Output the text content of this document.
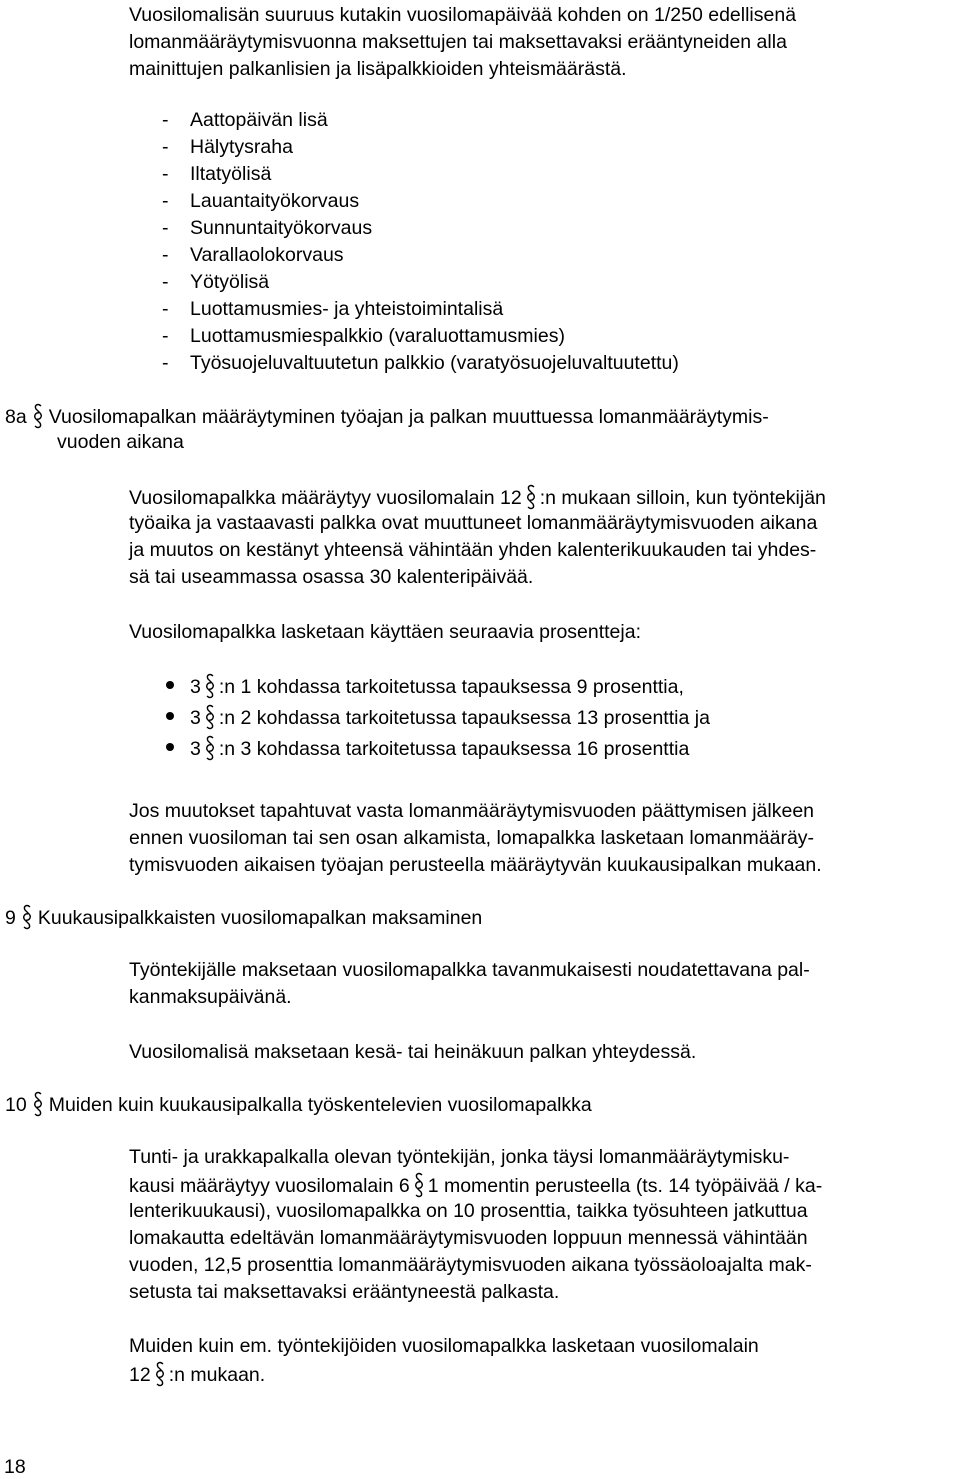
Vuosilomalisän suuruus kutakin vuosilomapäivää kohden on 1/250 edellisenä
lomanmääräytymisvuonna maksettujen tai maksettavaksi erääntyneiden alla
mainittujen palkanlisien ja lisäpalkkioiden yhteismäärästä.
- Aattopäivän lisä
- Hälytysraha
- Iltatyölisä
- Lauantaityökorvaus
- Sunnuntaityökorvaus
- Varallaolokorvaus
- Yötyölisä
- Luottamusmies- ja yhteistoimintalisä
- Luottamusmiespalkkio (varaluottamusmies)
- Työsuojeluvaltuutetun palkkio (varatyösuojeluvaltuutettu)
8a Vuosilomapalkan määräytyminen työajan ja palkan muuttuessa lomanmääräytymis-
vuoden aikana
Vuosilomapalkka määräytyy vuosilomalain 12 :n mukaan silloin, kun työntekijän
työaika ja vastaavasti palkka ovat muuttuneet lomanmääräytymisvuoden aikana
ja muutos on kestänyt yhteensä vähintään yhden kalenterikuukauden tai yhdes-
sä tai useammassa osassa 30 kalenteripäivää.
Vuosilomapalkka lasketaan käyttäen seuraavia prosentteja:
3 :n 1 kohdassa tarkoitetussa tapauksessa 9 prosenttia,
3 :n 2 kohdassa tarkoitetussa tapauksessa 13 prosenttia ja
3 :n 3 kohdassa tarkoitetussa tapauksessa 16 prosenttia
Jos muutokset tapahtuvat vasta lomanmääräytymisvuoden päättymisen jälkeen
ennen vuosiloman tai sen osan alkamista, lomapalkka lasketaan lomanmääräy-
tymisvuoden aikaisen työajan perusteella määräytyvän kuukausipalkan mukaan.
9 Kuukausipalkkaisten vuosilomapalkan maksaminen
Työntekijälle maksetaan vuosilomapalkka tavanmukaisesti noudatettavana pal-
kanmaksupäivänä.
Vuosilomalisä maksetaan kesä- tai heinäkuun palkan yhteydessä.
10 Muiden kuin kuukausipalkalla työskentelevien vuosilomapalkka
Tunti- ja urakkapalkalla olevan työntekijän, jonka täysi lomanmääräytymisku-
kausi määräytyy vuosilomalain 6 1 momentin perusteella (ts. 14 työpäivää / ka-
lenterikuukausi), vuosilomapalkka on 10 prosenttia, taikka työsuhteen jatkuttua
lomakautta edeltävän lomanmääräytymisvuoden loppuun mennessä vähintään
vuoden, 12,5 prosenttia lomanmääräytymisvuoden aikana työssäoloajalta mak-
setusta tai maksettavaksi erääntyneestä palkasta.
Muiden kuin em. työntekijöiden vuosilomapalkka lasketaan vuosilomalain
12 :n mukaan.
18
